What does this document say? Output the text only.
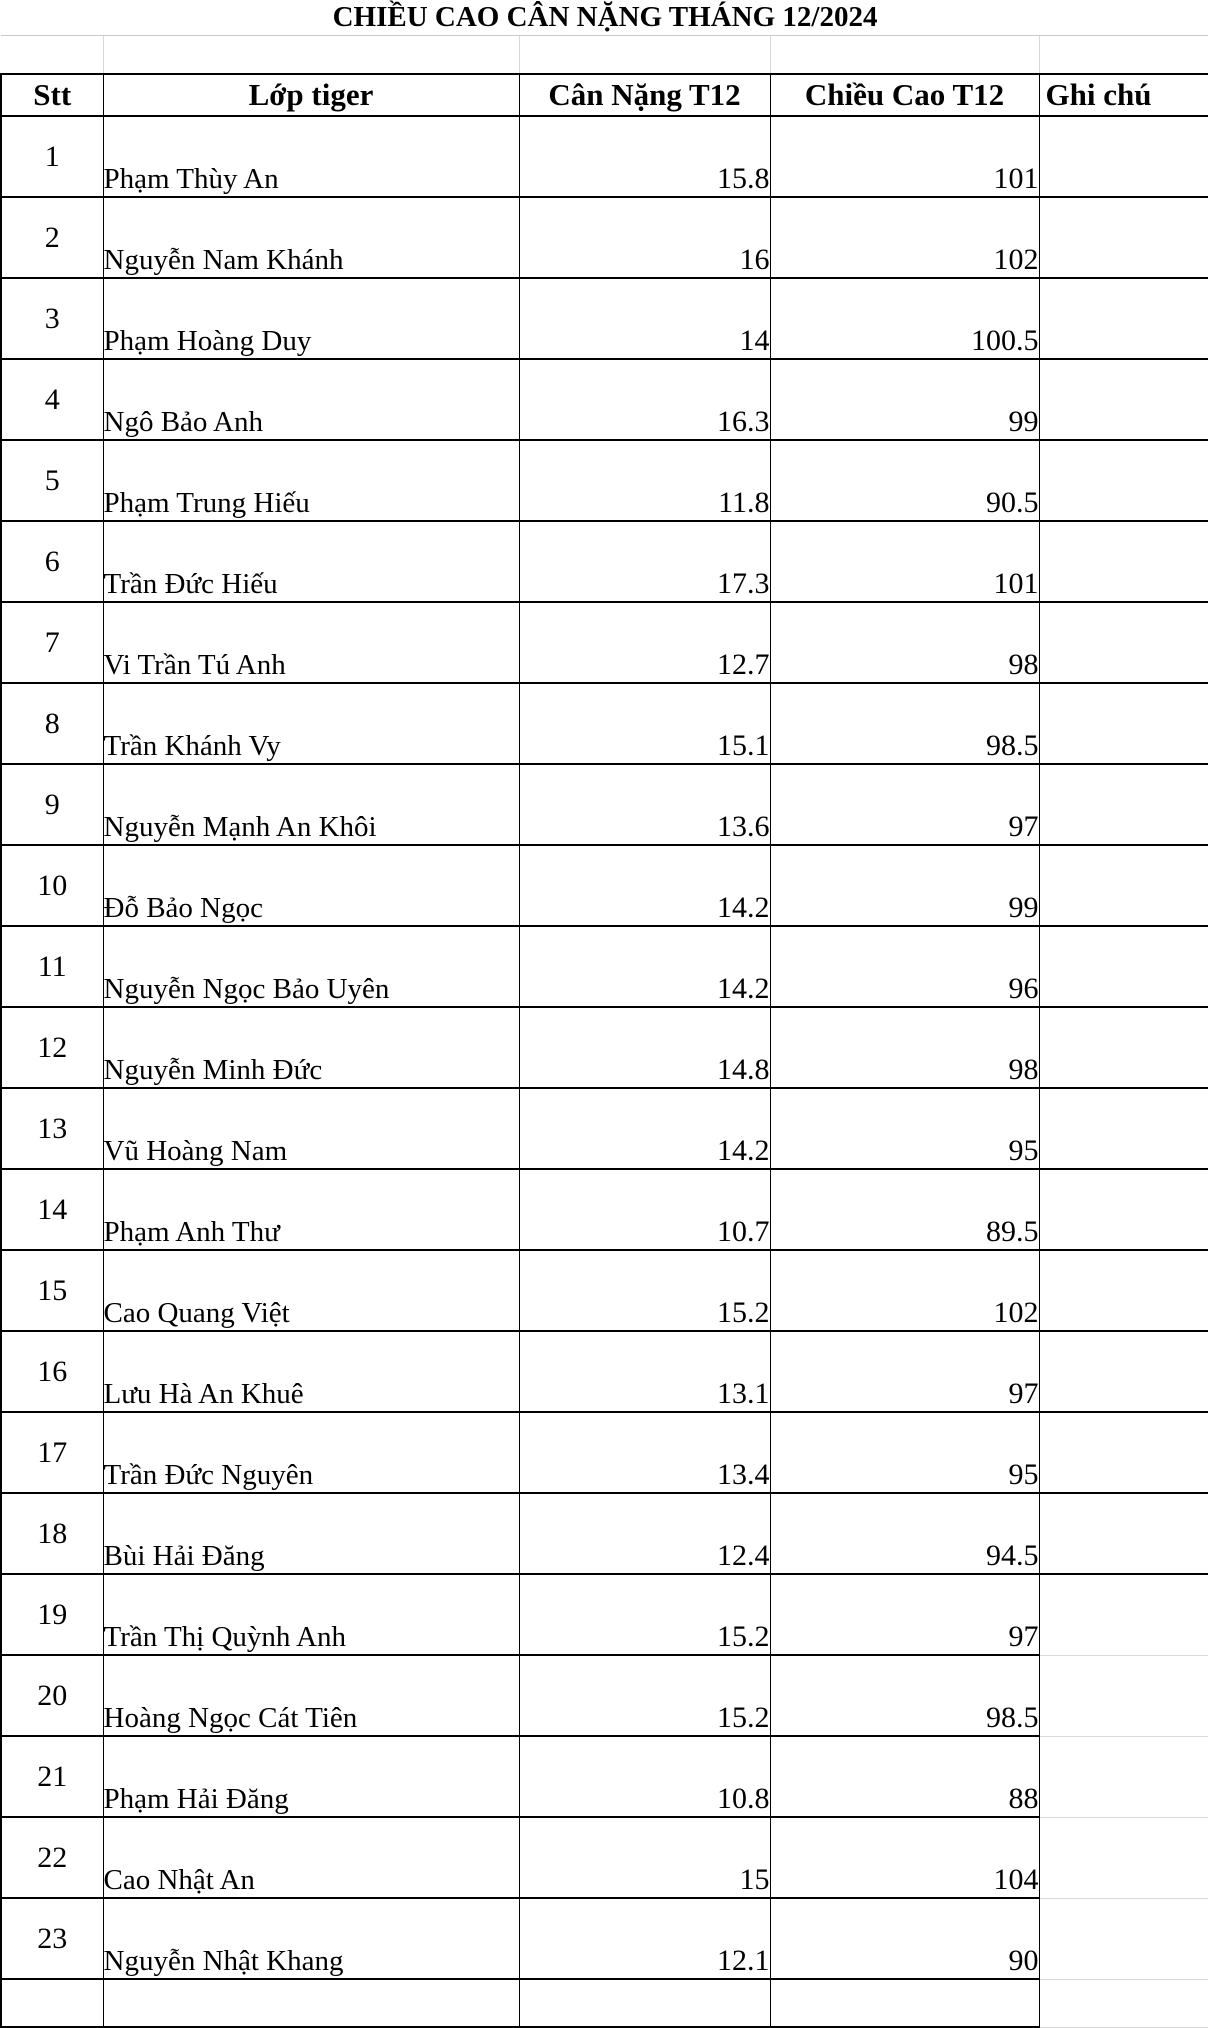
CHIỀU CAO CÂN NẶNG THÁNG 12/2024				

Stt	Lớp tiger	Cân Nặng T12	Chiều Cao T12	Ghi chú
1	Phạm Thùy An	15.8	101	
2	Nguyễn Nam Khánh	16	102	
3	Phạm Hoàng Duy	14	100.5	
4	Ngô Bảo Anh	16.3	99	
5	Phạm Trung Hiếu	11.8	90.5	
6	Trần Đức Hiếu	17.3	101	
7	Vi Trần Tú Anh	12.7	98	
8	Trần Khánh Vy	15.1	98.5	
9	Nguyễn Mạnh An Khôi	13.6	97	
10	Đỗ Bảo Ngọc	14.2	99	
11	Nguyễn Ngọc Bảo Uyên	14.2	96	
12	Nguyễn Minh Đức	14.8	98	
13	Vũ Hoàng Nam	14.2	95	
14	Phạm Anh Thư	10.7	89.5	
15	Cao Quang Việt	15.2	102	
16	Lưu Hà An Khuê	13.1	97	
17	Trần Đức Nguyên	13.4	95	
18	Bùi Hải Đăng	12.4	94.5	
19	Trần Thị Quỳnh Anh	15.2	97	
20	Hoàng Ngọc Cát Tiên	15.2	98.5	
21	Phạm Hải Đăng	10.8	88	
22	Cao Nhật An	15	104	
23	Nguyễn Nhật Khang	12.1	90	
